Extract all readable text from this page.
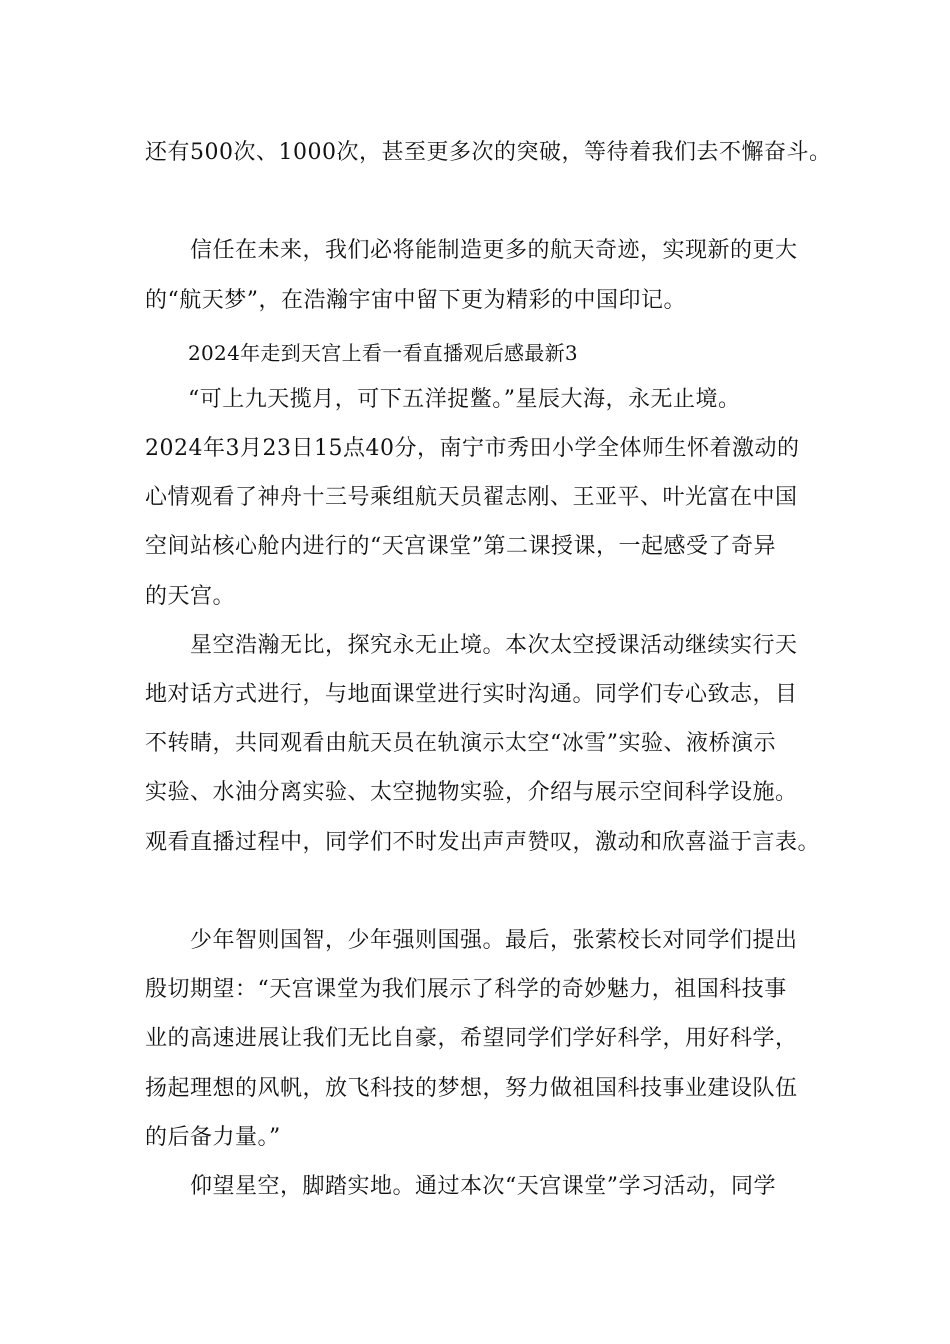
还有500次、1000次，甚至更多次的突破，等待着我们去不懈奋斗。
信任在未来，我们必将能制造更多的航天奇迹，实现新的更大
的“航天梦”，在浩瀚宇宙中留下更为精彩的中国印记。
2024年走到天宫上看一看直播观后感最新3
“可上九天揽月，可下五洋捉鳖。”星辰大海，永无止境。
2024年3月23日15点40分，南宁市秀田小学全体师生怀着激动的
心情观看了神舟十三号乘组航天员翟志刚、王亚平、叶光富在中国
空间站核心舱内进行的“天宫课堂”第二课授课，一起感受了奇异
的天宫。
星空浩瀚无比，探究永无止境。本次太空授课活动继续实行天
地对话方式进行，与地面课堂进行实时沟通。同学们专心致志，目
不转睛，共同观看由航天员在轨演示太空“冰雪”实验、液桥演示
实验、水油分离实验、太空抛物实验，介绍与展示空间科学设施。
观看直播过程中，同学们不时发出声声赞叹，激动和欣喜溢于言表。
少年智则国智，少年强则国强。最后，张萦校长对同学们提出
殷切期望：“天宫课堂为我们展示了科学的奇妙魅力，祖国科技事
业的高速进展让我们无比自豪，希望同学们学好科学，用好科学，
扬起理想的风帆，放飞科技的梦想，努力做祖国科技事业建设队伍
的后备力量。”
仰望星空，脚踏实地。通过本次“天宫课堂”学习活动，同学
